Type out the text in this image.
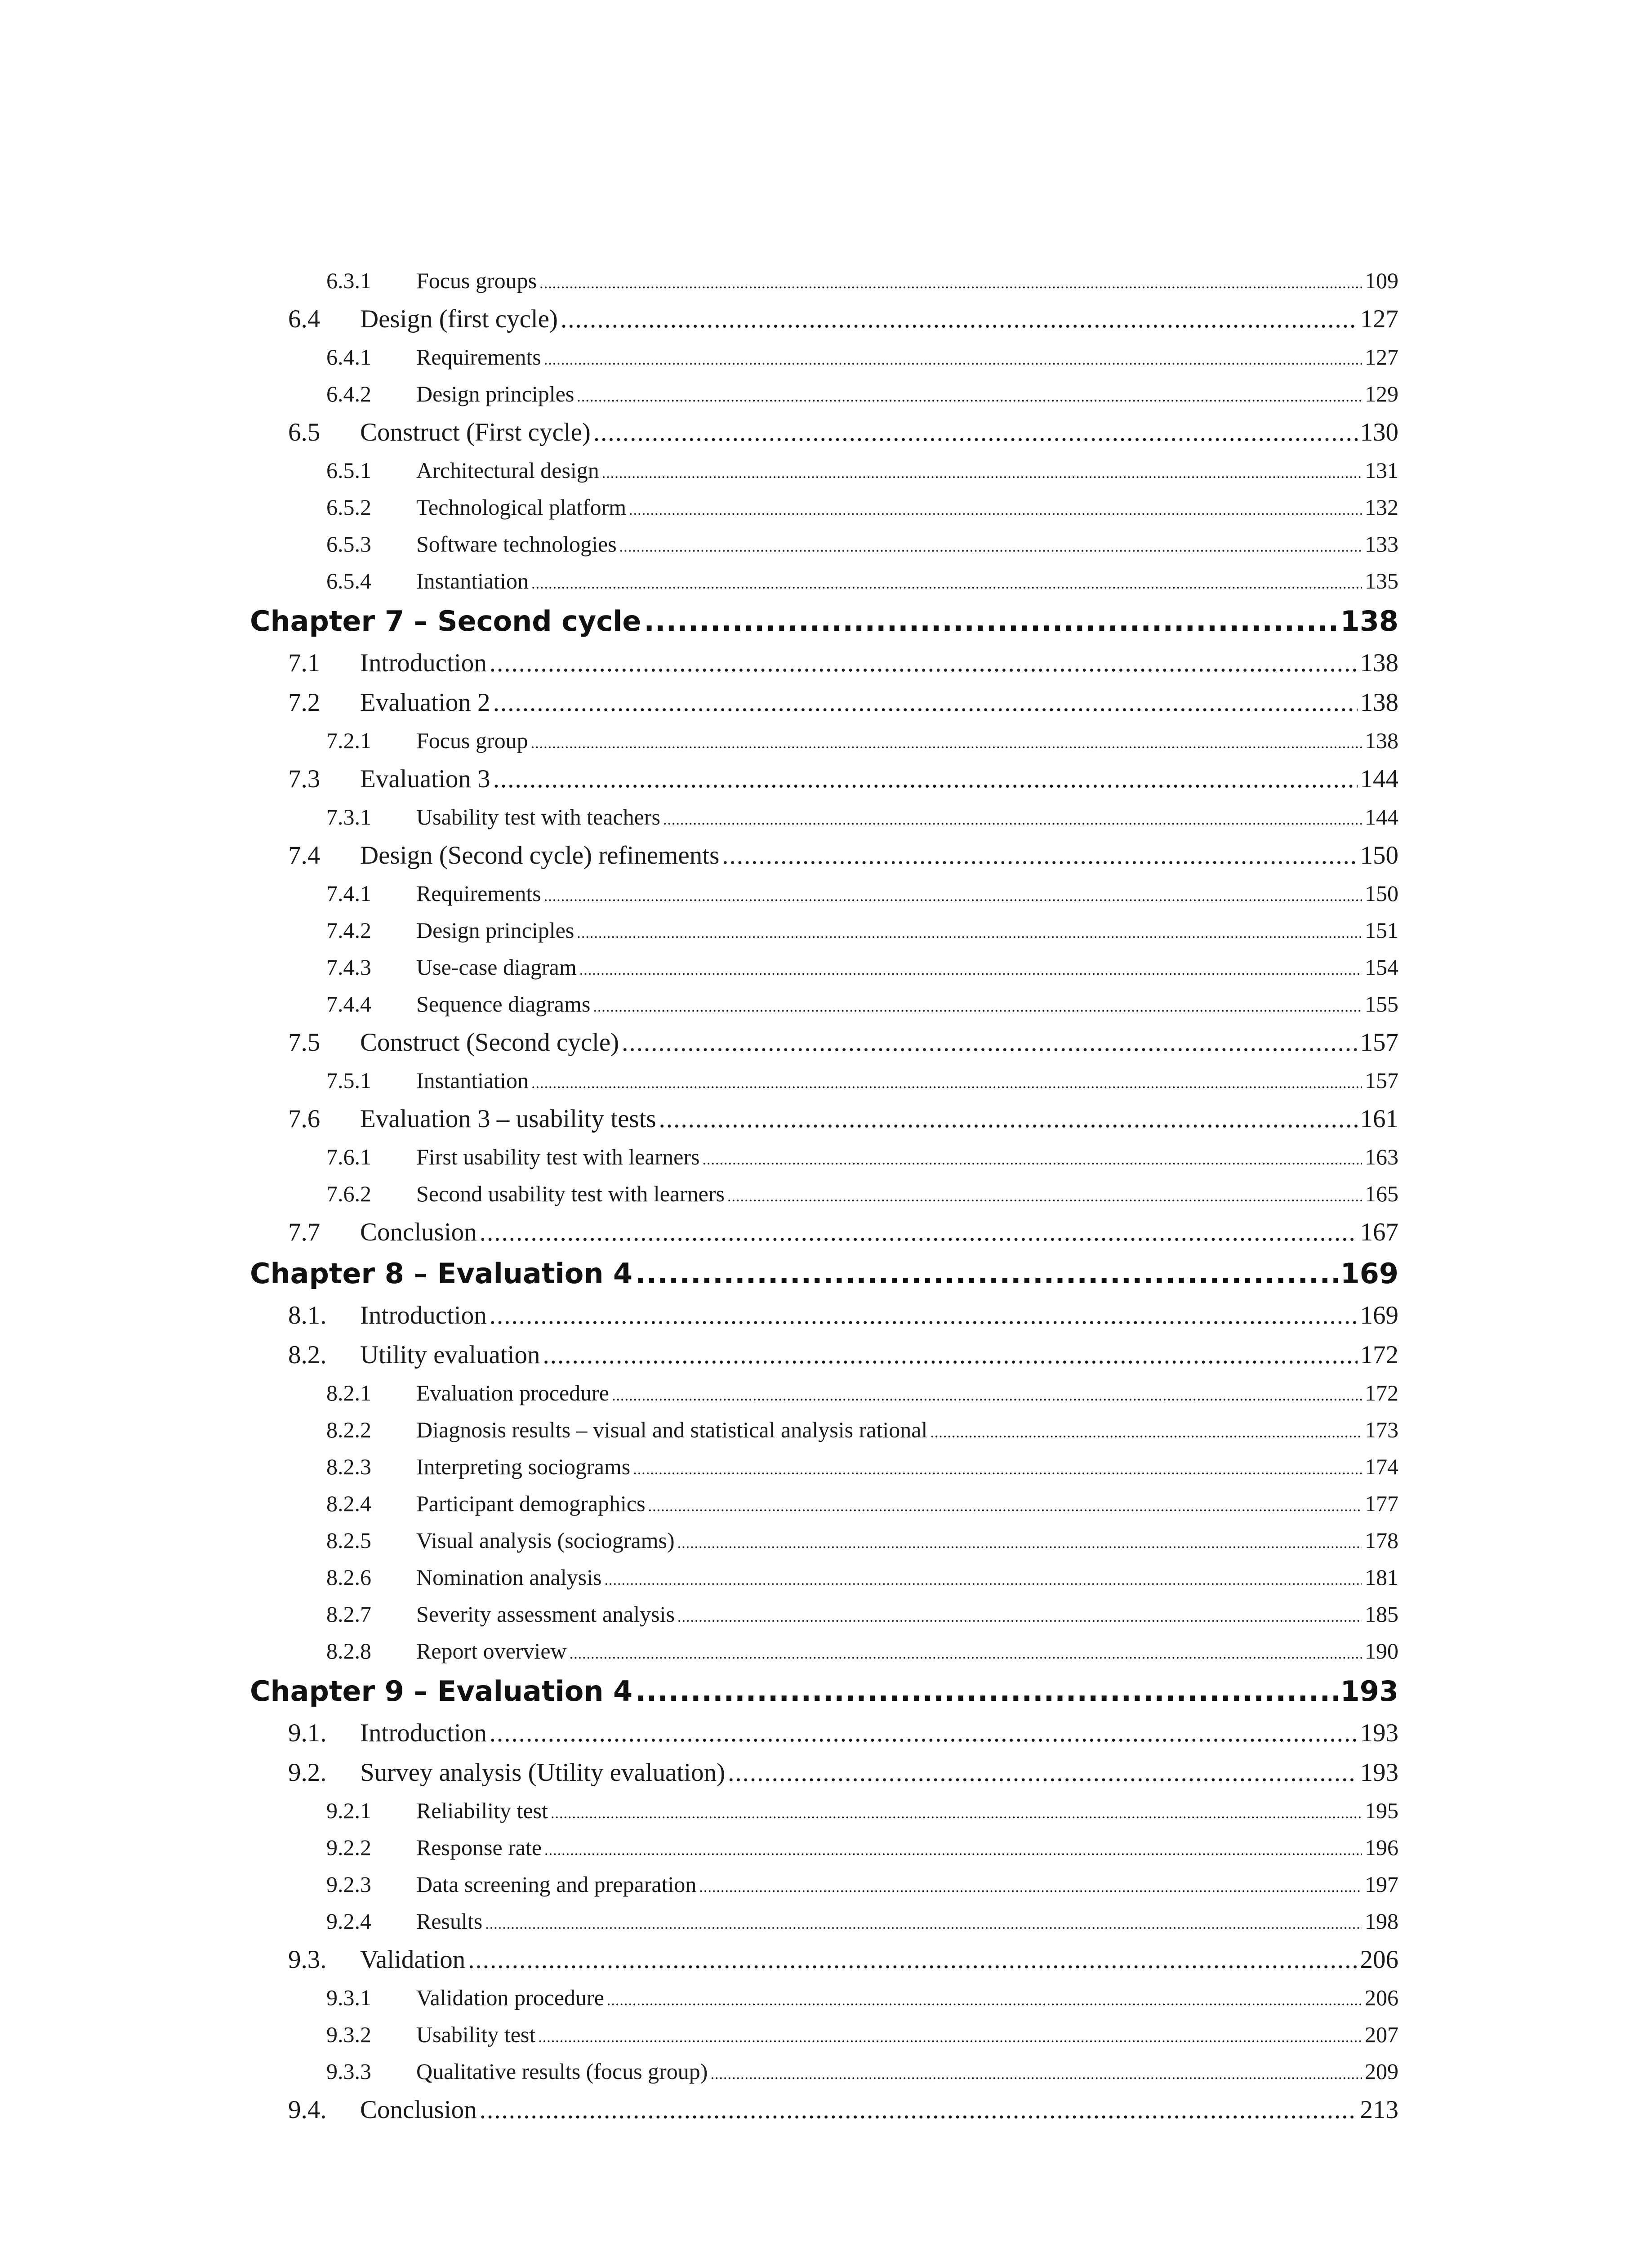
6.3.1	Focus groups .....	109
6.4	Design (first cycle) .....	127
6.4.1	Requirements .....	127
6.4.2	Design principles .....	129
6.5	Construct (First cycle) .....	130
6.5.1	Architectural design .....	131
6.5.2	Technological platform .....	132
6.5.3	Software technologies .....	133
6.5.4	Instantiation .....	135
Chapter 7 – Second cycle .....	138
7.1	Introduction .....	138
7.2	Evaluation 2 .....	138
7.2.1	Focus group .....	138
7.3	Evaluation 3 .....	144
7.3.1	Usability test with teachers .....	144
7.4	Design (Second cycle) refinements .....	150
7.4.1	Requirements .....	150
7.4.2	Design principles .....	151
7.4.3	Use-case diagram .....	154
7.4.4	Sequence diagrams .....	155
7.5	Construct (Second cycle) .....	157
7.5.1	Instantiation .....	157
7.6	Evaluation 3 – usability tests .....	161
7.6.1	First usability test with learners .....	163
7.6.2	Second usability test with learners .....	165
7.7	Conclusion .....	167
Chapter 8 – Evaluation 4 .....	169
8.1.	Introduction .....	169
8.2.	Utility evaluation .....	172
8.2.1	Evaluation procedure .....	172
8.2.2	Diagnosis results – visual and statistical analysis rational .....	173
8.2.3	Interpreting sociograms .....	174
8.2.4	Participant demographics .....	177
8.2.5	Visual analysis (sociograms) .....	178
8.2.6	Nomination analysis .....	181
8.2.7	Severity assessment analysis .....	185
8.2.8	Report overview .....	190
Chapter 9 – Evaluation 4 .....	193
9.1.	Introduction .....	193
9.2.	Survey analysis (Utility evaluation) .....	193
9.2.1	Reliability test .....	195
9.2.2	Response rate .....	196
9.2.3	Data screening and preparation .....	197
9.2.4	Results .....	198
9.3.	Validation .....	206
9.3.1	Validation procedure .....	206
9.3.2	Usability test .....	207
9.3.3	Qualitative results (focus group) .....	209
9.4.	Conclusion .....	213
